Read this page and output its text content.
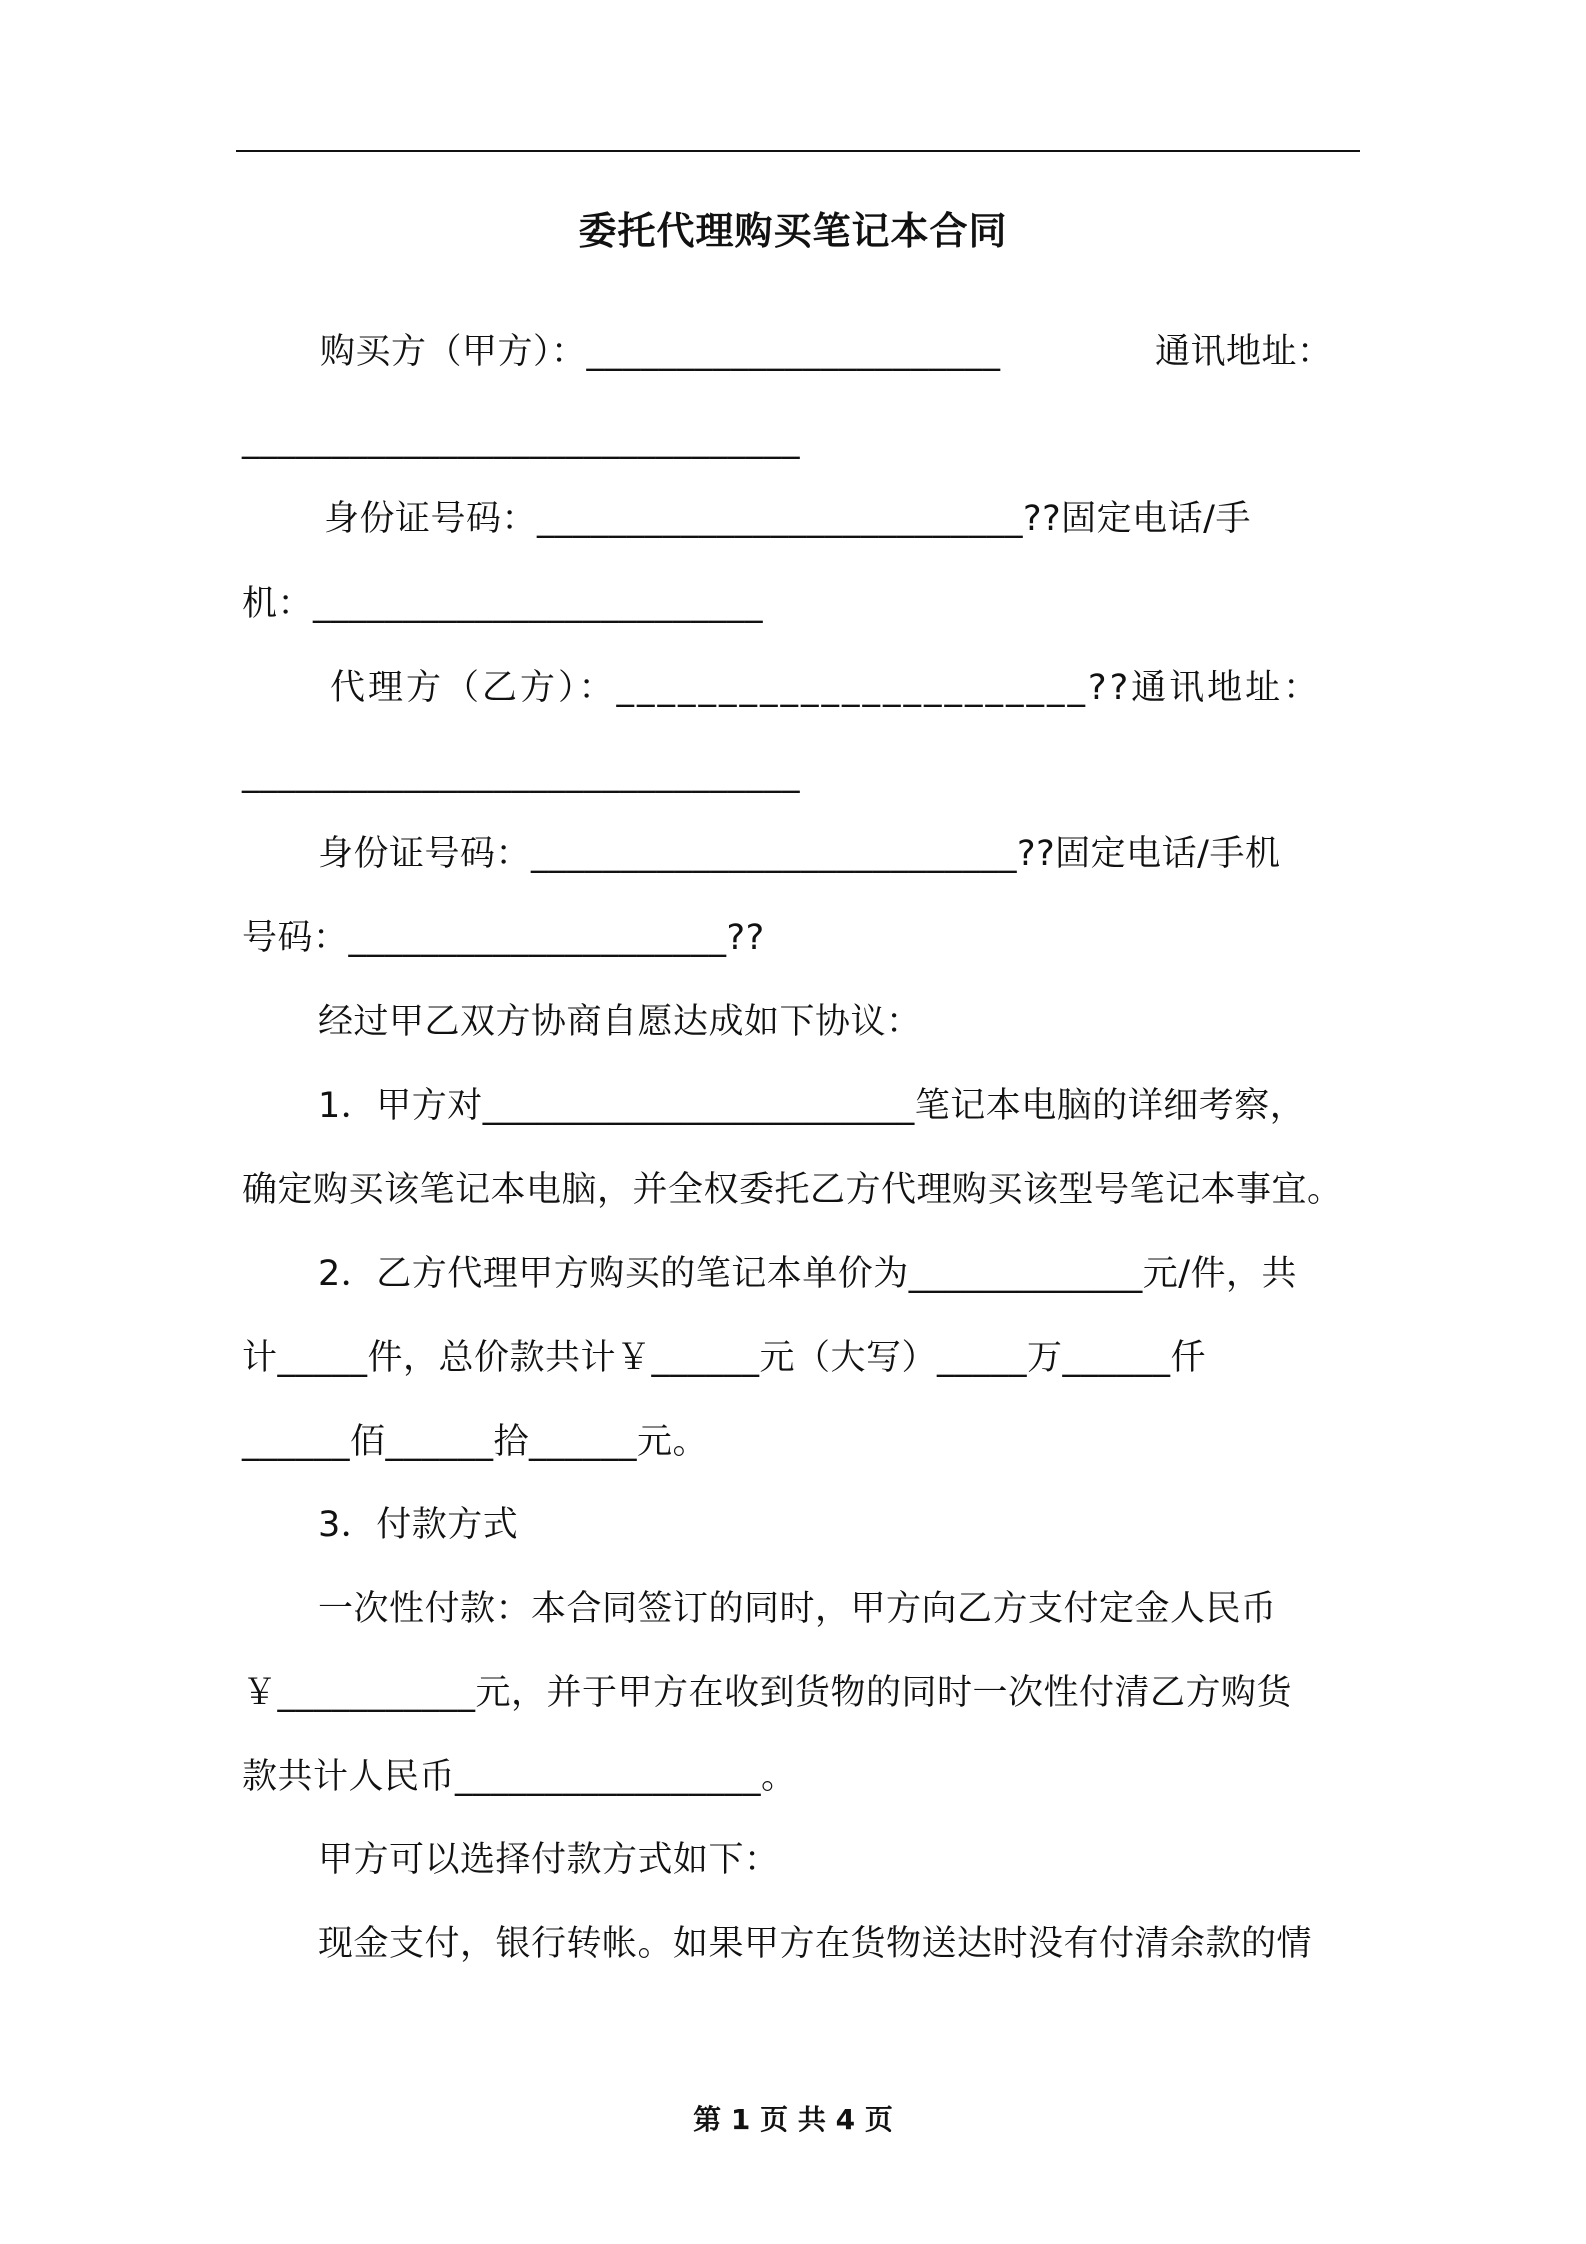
委托代理购买笔记本合同
购买方（甲方）：_______________________	通讯地址：
_______________________________
身份证号码：___________________________??固定电话/手
机：_________________________
代理方（乙方）：_______________________??通讯地址：
_______________________________
身份证号码：___________________________??固定电话/手机
号码：_____________________??
经过甲乙双方协商自愿达成如下协议：
1．甲方对________________________笔记本电脑的详细考察，
确定购买该笔记本电脑，并全权委托乙方代理购买该型号笔记本事宜。
2．乙方代理甲方购买的笔记本单价为_____________元/件，共
计_____件，总价款共计￥______元（大写）_____万______仟
______佰______拾______元。
3．付款方式
一次性付款：本合同签订的同时，甲方向乙方支付定金人民币
￥___________元，并于甲方在收到货物的同时一次性付清乙方购货
款共计人民币_________________。
甲方可以选择付款方式如下：
现金支付，银行转帐。如果甲方在货物送达时没有付清余款的情
第 1 页 共 4 页
